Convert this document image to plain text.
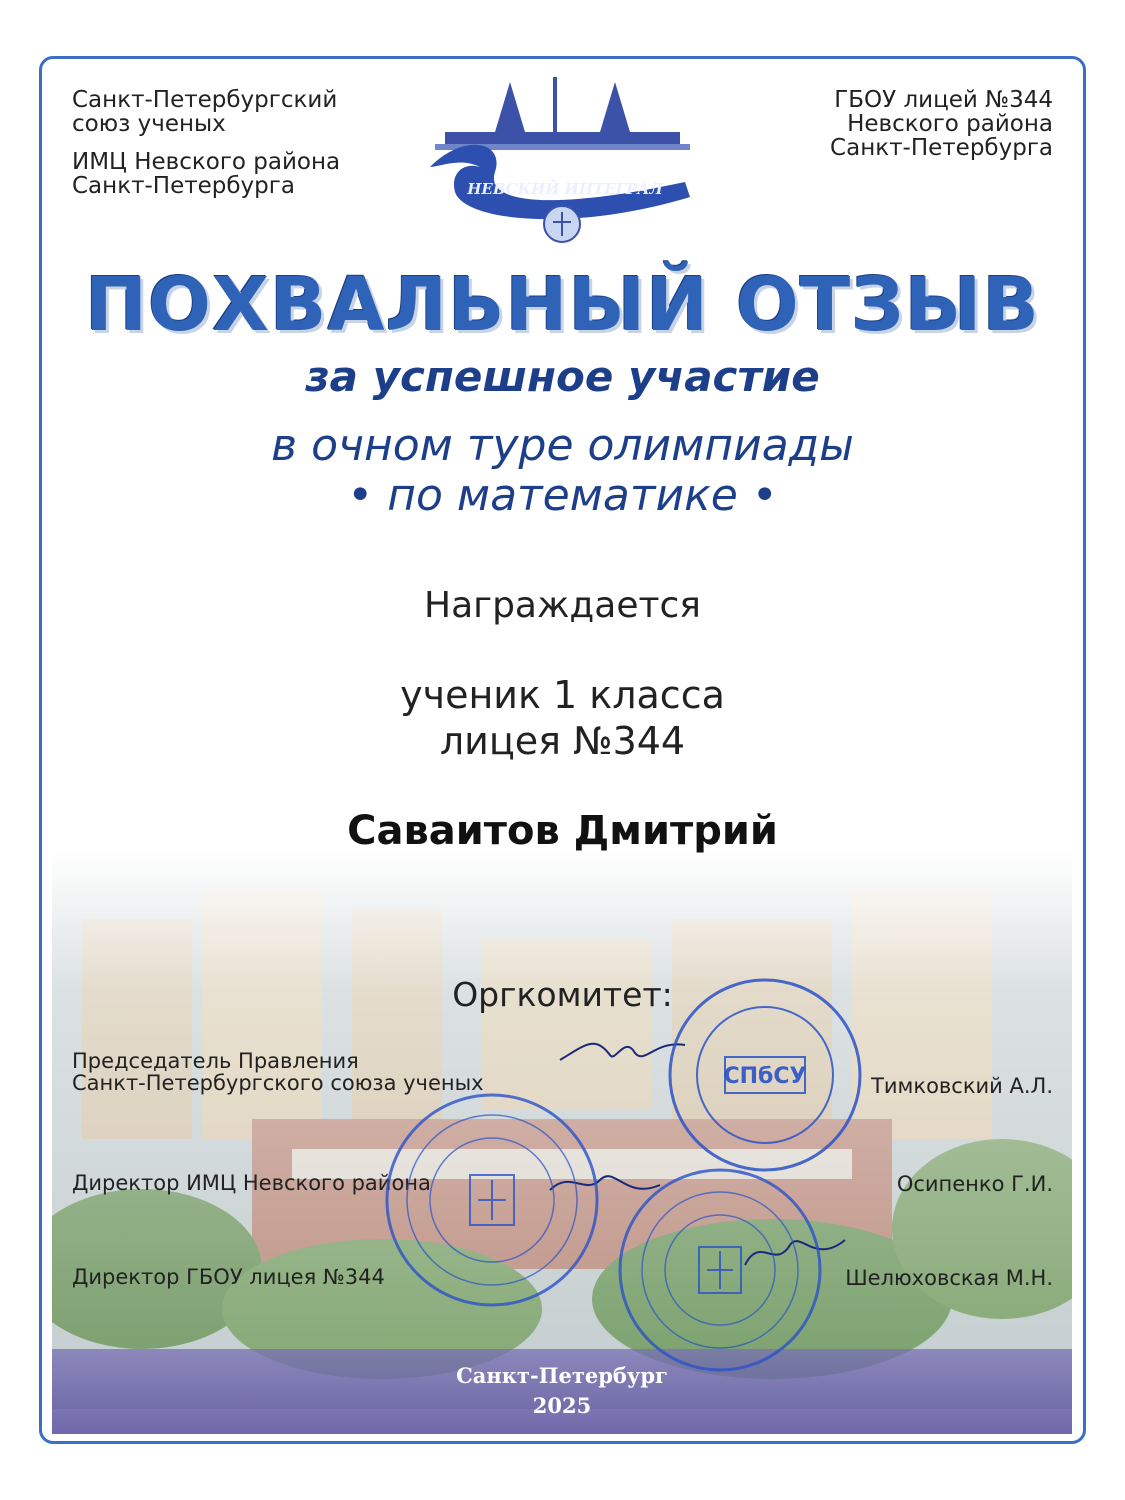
Санкт-Петербург
2025
Санкт-Петербургский
союз ученых
ИМЦ Невского района
Санкт-Петербурга
ГБОУ лицей №344
Невского района
Санкт-Петербурга
НЕВСКИЙ ИНТЕГРАЛ
ПОХВАЛЬНЫЙ ОТЗЫВ
за успешное участие
в очном туре олимпиады
• по математике •
Награждается
ученик 1 класса
лицея №344
Саваитов Дмитрий
Оргкомитет:
Председатель Правления
Санкт-Петербургского союза ученых	Тимковский А.Л.
Директор ИМЦ Невского района	Осипенко Г.И.
Директор ГБОУ лицея №344	Шелюховская М.Н.
СПбСУ
